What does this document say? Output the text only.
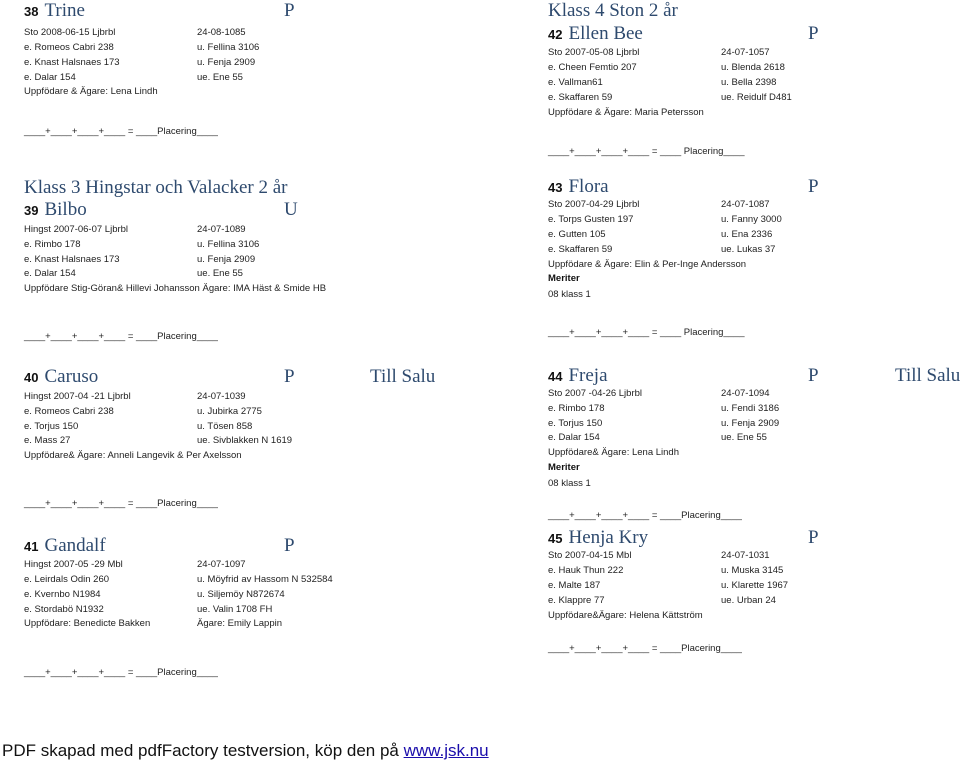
38 Trine	P
Sto 2008-06-15 Ljbrbl	24-08-1085
e. Romeos Cabri 238	u. Fellina 3106
e. Knast Halsnaes 173	u. Fenja 2909
e. Dalar 154	ue. Ene 55
Uppfödare & Ägare: Lena Lindh
____+____+____+____ = ____Placering____
Klass 3 Hingstar och Valacker 2 år
39 Bilbo	U
Hingst 2007-06-07 Ljbrbl	24-07-1089
e. Rimbo 178	u. Fellina 3106
e. Knast Halsnaes 173	u. Fenja 2909
e. Dalar 154	ue. Ene 55
Uppfödare Stig-Göran& Hillevi Johansson Ägare: IMA Häst & Smide HB
____+____+____+____ = ____Placering____
40 Caruso	P	Till Salu
Hingst 2007-04 -21 Ljbrbl	24-07-1039
e. Romeos Cabri 238	u. Jubirka 2775
e. Torjus 150	u. Tösen 858
e. Mass 27	ue. Sivblakken N 1619
Uppfödare& Ägare: Anneli Langevik & Per Axelsson
____+____+____+____ = ____Placering____
41 Gandalf	P
Hingst 2007-05 -29 Mbl	24-07-1097
e. Leirdals Odin 260	u. Möyfrid av Hassom N 532584
e. Kvernbo N1984	u. Siljemöy N872674
e. Stordabö N1932	ue. Valin 1708 FH
Uppfödare: Benedicte Bakken	Ägare: Emily Lappin
____+____+____+____ = ____Placering____
Klass 4 Ston 2 år
42 Ellen Bee	P
Sto 2007-05-08 Ljbrbl	24-07-1057
e. Cheen Femtio 207	u. Blenda 2618
e. Vallman61	u. Bella 2398
e. Skaffaren 59	ue. Reidulf D481
Uppfödare & Ägare: Maria Petersson
____+____+____+____ = ____ Placering____
43 Flora	P
Sto 2007-04-29 Ljbrbl	24-07-1087
e. Torps Gusten 197	u. Fanny 3000
e. Gutten 105	u. Ena 2336
e. Skaffaren 59	ue. Lukas 37
Uppfödare & Ägare: Elin & Per-Inge Andersson
Meriter
08 klass 1
____+____+____+____ = ____ Placering____
44 Freja	P	Till Salu
Sto 2007 -04-26 Ljbrbl	24-07-1094
e. Rimbo 178	u. Fendi 3186
e. Torjus 150	u. Fenja 2909
e. Dalar 154	ue. Ene 55
Uppfödare& Ägare: Lena Lindh
Meriter
08 klass 1
____+____+____+____ = ____Placering____
45 Henja Kry	P
Sto 2007-04-15 Mbl	24-07-1031
e. Hauk Thun 222	u. Muska 3145
e. Malte 187	u. Klarette 1967
e. Klappre 77	ue. Urban 24
Uppfödare&Ägare: Helena Kättström
____+____+____+____ = ____Placering____
PDF skapad med pdfFactory testversion, köp den på www.jsk.nu
